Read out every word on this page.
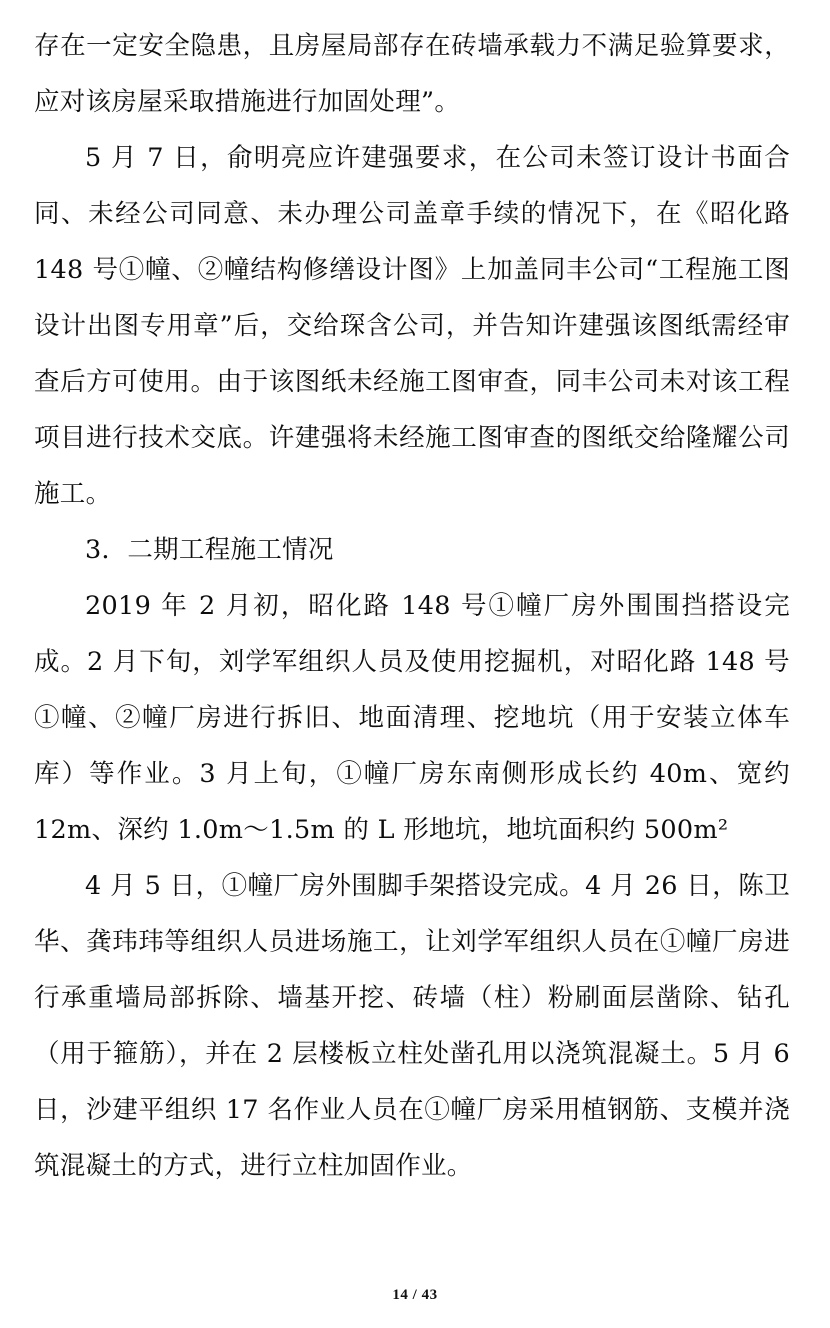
存在一定安全隐患，且房屋局部存在砖墙承载力不满足验算要求，应对该房屋采取措施进行加固处理”。

5 月 7 日，俞明亮应许建强要求，在公司未签订设计书面合同、未经公司同意、未办理公司盖章手续的情况下，在《昭化路 148 号①幢、②幢结构修缮设计图》上加盖同丰公司“工程施工图设计出图专用章”后，交给琛含公司，并告知许建强该图纸需经审查后方可使用。由于该图纸未经施工图审查，同丰公司未对该工程项目进行技术交底。许建强将未经施工图审查的图纸交给隆耀公司施工。

3．二期工程施工情况

2019 年 2 月初，昭化路 148 号①幢厂房外围围挡搭设完成。2 月下旬，刘学军组织人员及使用挖掘机，对昭化路 148 号①幢、②幢厂房进行拆旧、地面清理、挖地坑（用于安装立体车库）等作业。3 月上旬，①幢厂房东南侧形成长约 40m、宽约 12m、深约 1.0m～1.5m 的 L 形地坑，地坑面积约 500m²

4 月 5 日，①幢厂房外围脚手架搭设完成。4 月 26 日，陈卫华、龚玮玮等组织人员进场施工，让刘学军组织人员在①幢厂房进行承重墙局部拆除、墙基开挖、砖墙（柱）粉刷面层凿除、钻孔（用于箍筋），并在 2 层楼板立柱处凿孔用以浇筑混凝土。5 月 6 日，沙建平组织 17 名作业人员在①幢厂房采用植钢筋、支模并浇筑混凝土的方式，进行立柱加固作业。

14 / 43
